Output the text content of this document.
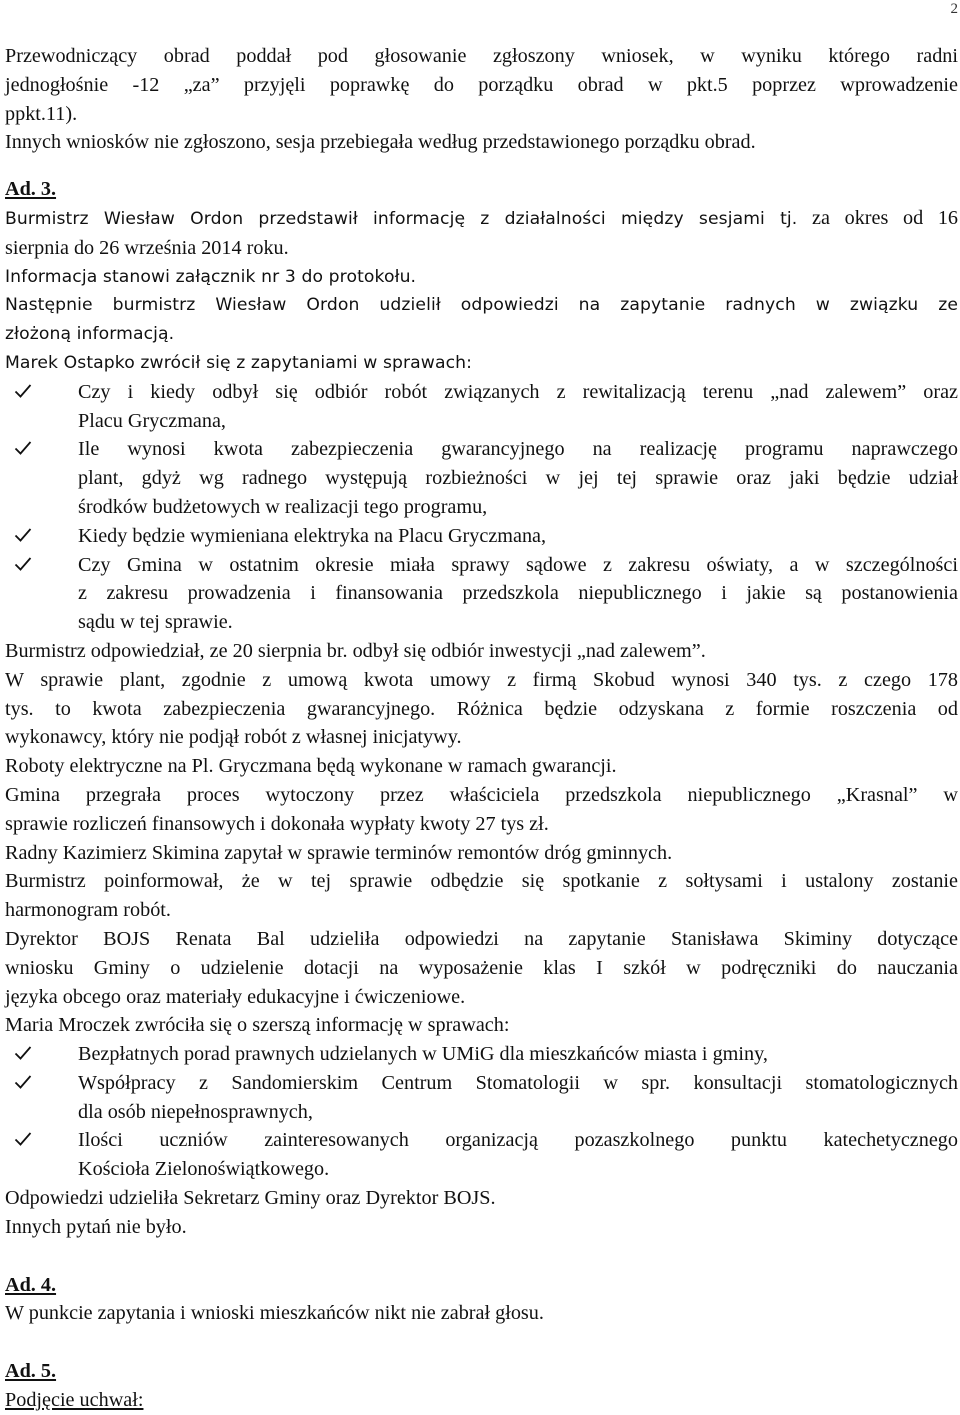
2

Przewodniczący obrad poddał pod głosowanie zgłoszony wniosek, w wyniku którego radni

jednogłośnie -12 „za” przyjęli poprawkę do porządku obrad w pkt.5 poprzez wprowadzenie

ppkt.11).

Innych wniosków nie zgłoszono, sesja przebiegała według przedstawionego porządku obrad.

Ad. 3.

Burmistrz Wiesław Ordon przedstawił informację z działalności między sesjami tj. za okres od 16

sierpnia do 26 września 2014 roku.

Informacja stanowi załącznik nr 3 do protokołu.

Następnie burmistrz Wiesław Ordon udzielił odpowiedzi na zapytanie radnych w związku ze

złożoną informacją.

Marek Ostapko zwrócił się z zapytaniami w sprawach:

Czy i kiedy odbył się odbiór robót związanych z rewitalizacją terenu „nad zalewem” oraz

Placu Gryczmana,

Ile wynosi kwota zabezpieczenia gwarancyjnego na realizację programu naprawczego

plant, gdyż wg radnego występują rozbieżności w jej tej sprawie oraz jaki będzie udział

środków budżetowych w realizacji tego programu,

Kiedy będzie wymieniana elektryka na Placu Gryczmana,

Czy Gmina w ostatnim okresie miała sprawy sądowe z zakresu oświaty, a w szczególności

z zakresu prowadzenia i finansowania przedszkola niepublicznego i jakie są postanowienia

sądu w tej sprawie.

Burmistrz odpowiedział, ze 20 sierpnia br. odbył się odbiór inwestycji „nad zalewem”.

W sprawie plant, zgodnie z umową kwota umowy z firmą Skobud wynosi 340 tys. z czego 178

tys. to kwota zabezpieczenia gwarancyjnego. Różnica będzie odzyskana z formie roszczenia od

wykonawcy, który nie podjął robót z własnej inicjatywy.

Roboty elektryczne na Pl. Gryczmana będą wykonane w ramach gwarancji.

Gmina przegrała proces wytoczony przez właściciela przedszkola niepublicznego „Krasnal” w

sprawie rozliczeń finansowych i dokonała wypłaty kwoty 27 tys zł.

Radny Kazimierz Skimina zapytał w sprawie terminów remontów dróg gminnych.

Burmistrz poinformował, że w tej sprawie odbędzie się spotkanie z sołtysami i ustalony zostanie

harmonogram robót.

Dyrektor BOJS Renata Bal udzieliła odpowiedzi na zapytanie Stanisława Skiminy dotyczące

wniosku Gminy o udzielenie dotacji na wyposażenie klas I szkół w podręczniki do nauczania

języka obcego oraz materiały edukacyjne i ćwiczeniowe.

Maria Mroczek zwróciła się o szerszą informację w sprawach:

Bezpłatnych porad prawnych udzielanych w UMiG dla mieszkańców miasta i gminy,

Współpracy z Sandomierskim Centrum Stomatologii w spr. konsultacji stomatologicznych

dla osób niepełnosprawnych,

Ilości uczniów zainteresowanych organizacją pozaszkolnego punktu katechetycznego

Kościoła Zielonoświątkowego.

Odpowiedzi udzieliła Sekretarz Gminy oraz Dyrektor BOJS.

Innych pytań nie było.

Ad. 4.

W punkcie zapytania i wnioski mieszkańców nikt nie zabrał głosu.

Ad. 5.

Podjęcie uchwał:
